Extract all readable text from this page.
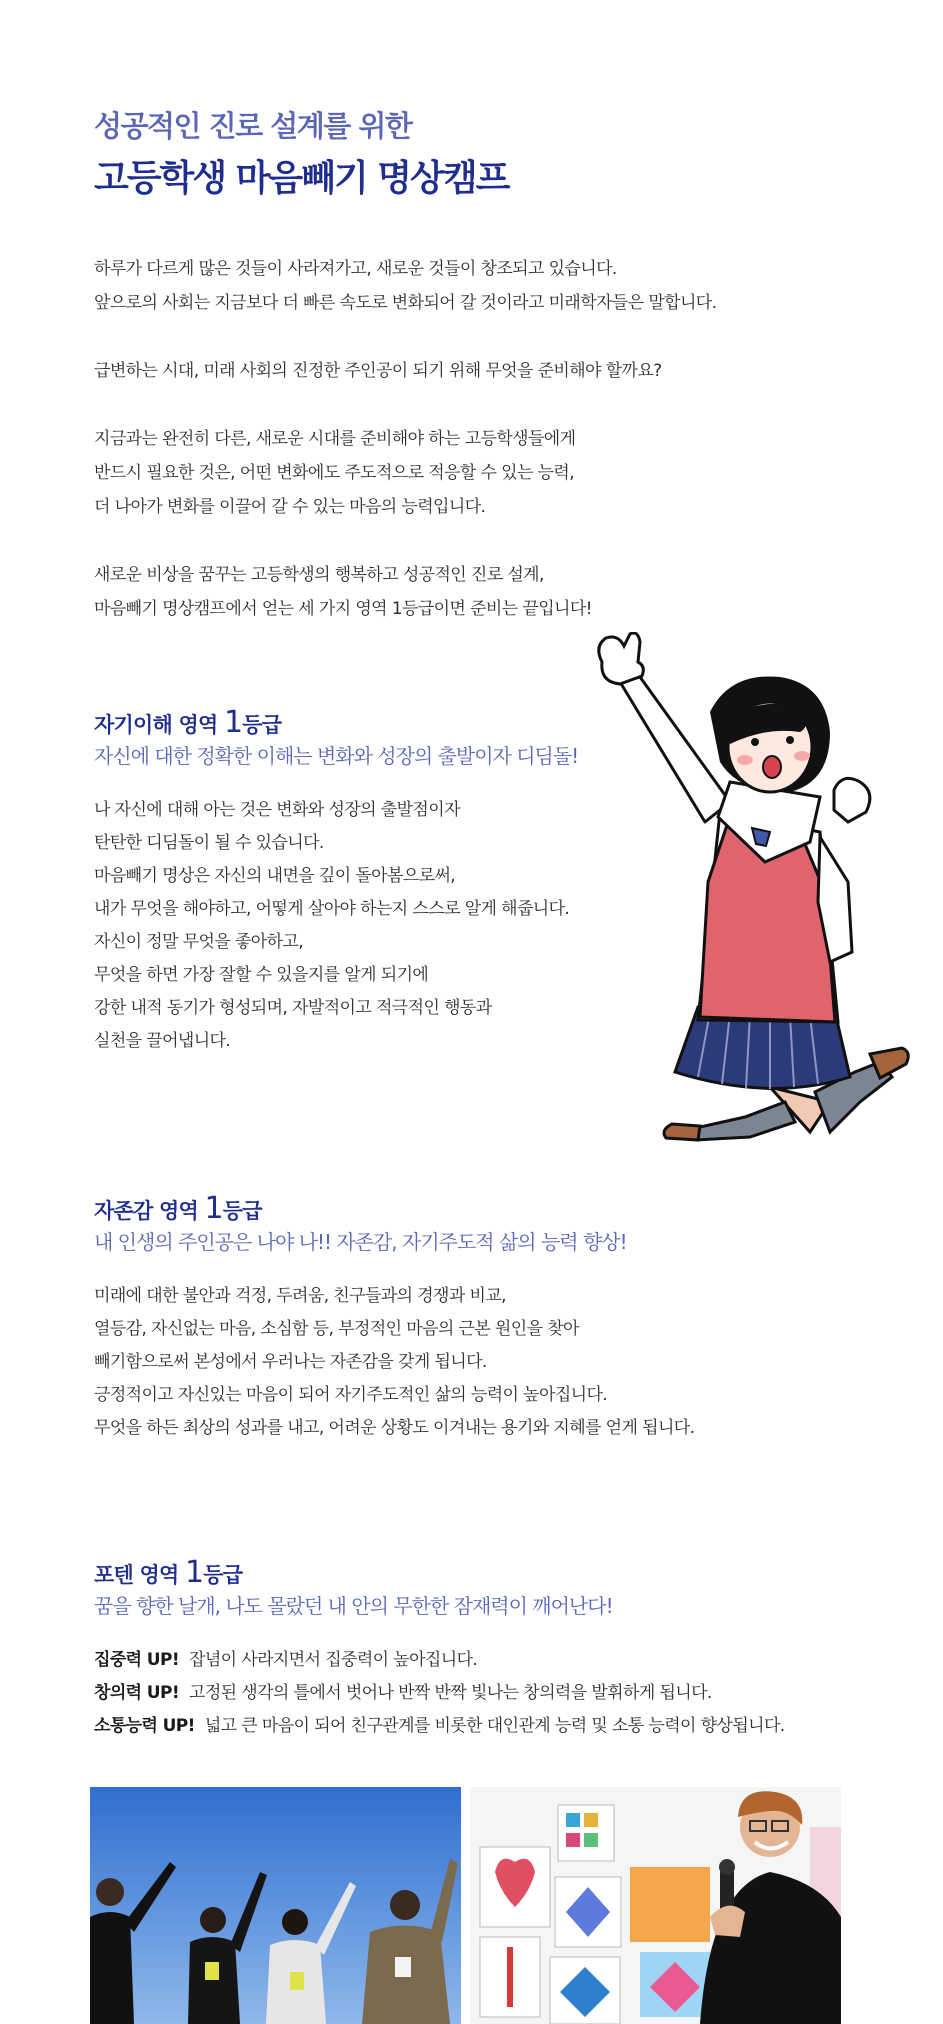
성공적인 진로 설계를 위한
고등학생 마음빼기 명상캠프

하루가 다르게 많은 것들이 사라져가고, 새로운 것들이 창조되고 있습니다.
앞으로의 사회는 지금보다 더 빠른 속도로 변화되어 갈 것이라고 미래학자들은 말합니다.

급변하는 시대, 미래 사회의 진정한 주인공이 되기 위해 무엇을 준비해야 할까요?

지금과는 완전히 다른, 새로운 시대를 준비해야 하는 고등학생들에게
반드시 필요한 것은, 어떤 변화에도 주도적으로 적응할 수 있는 능력,
더 나아가 변화를 이끌어 갈 수 있는 마음의 능력입니다.

새로운 비상을 꿈꾸는 고등학생의 행복하고 성공적인 진로 설계,
마음빼기 명상캠프에서 얻는 세 가지 영역 1등급이면 준비는 끝입니다!

자기이해 영역 1등급

자신에 대한 정확한 이해는 변화와 성장의 출발이자 디딤돌!

나 자신에 대해 아는 것은 변화와 성장의 출발점이자
탄탄한 디딤돌이 될 수 있습니다.
마음빼기 명상은 자신의 내면을 깊이 돌아봄으로써,
내가 무엇을 해야하고, 어떻게 살아야 하는지 스스로 알게 해줍니다.
자신이 정말 무엇을 좋아하고,
무엇을 하면 가장 잘할 수 있을지를 알게 되기에
강한 내적 동기가 형성되며, 자발적이고 적극적인 행동과
실천을 끌어냅니다.
자존감 영역 1등급

내 인생의 주인공은 나야 나!! 자존감, 자기주도적 삶의 능력 향상!

미래에 대한 불안과 걱정, 두려움, 친구들과의 경쟁과 비교,
열등감, 자신없는 마음, 소심함 등, 부정적인 마음의 근본 원인을 찾아
빼기함으로써 본성에서 우러나는 자존감을 갖게 됩니다.
긍정적이고 자신있는 마음이 되어 자기주도적인 삶의 능력이 높아집니다.
무엇을 하든 최상의 성과를 내고, 어려운 상황도 이겨내는 용기와 지혜를 얻게 됩니다.
포텐 영역 1등급

꿈을 향한 날개, 나도 몰랐던 내 안의 무한한 잠재력이 깨어난다!

집중력 UP! 잡념이 사라지면서 집중력이 높아집니다.
창의력 UP! 고정된 생각의 틀에서 벗어나 반짝 반짝 빛나는 창의력을 발휘하게 됩니다.
소통능력 UP! 넓고 큰 마음이 되어 친구관계를 비롯한 대인관계 능력 및 소통 능력이 향상됩니다.
